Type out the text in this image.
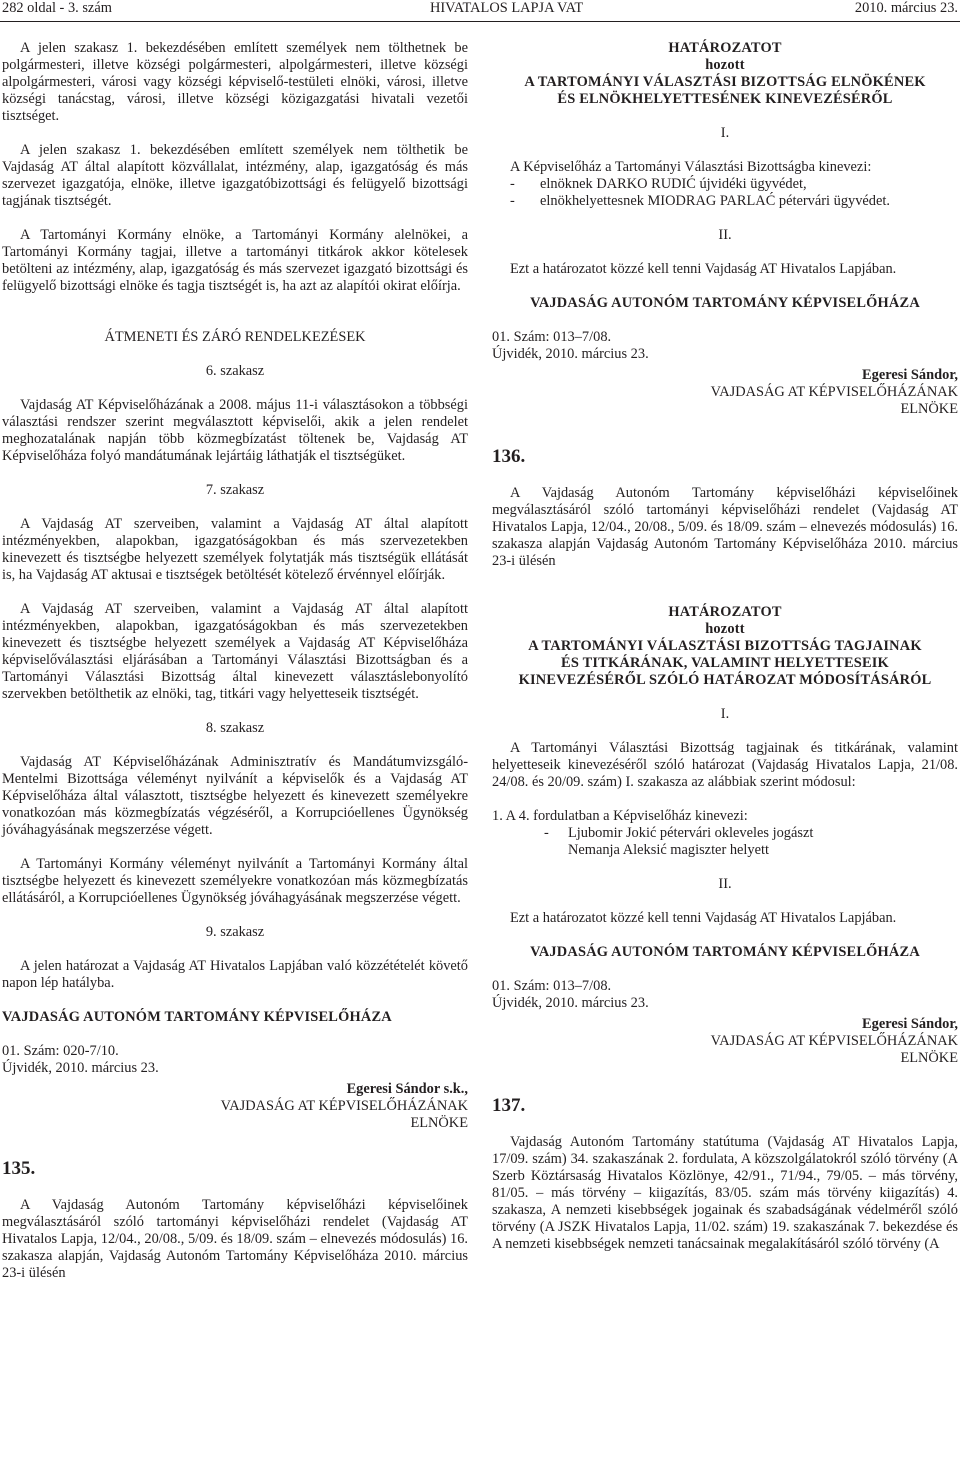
282 oldal - 3. szám	HIVATALOS LAPJA VAT	2010. március 23.

A jelen szakasz 1. bekezdésében említett személyek nem tölthetnek be polgármesteri, illetve községi polgármesteri, alpolgármesteri, illetve községi alpolgármesteri, városi vagy községi képviselő-testületi elnöki, városi, illetve községi tanácstag, városi, illetve községi közigazgatási hivatali vezetői tisztséget.

A jelen szakasz 1. bekezdésében említett személyek nem tölthetik be Vajdaság AT által alapított közvállalat, intézmény, alap, igazgatóság és más szervezet igazgatója, elnöke, illetve igazgatóbizottsági és felügyelő bizottsági tagjának tisztségét.

A Tartományi Kormány elnöke, a Tartományi Kormány alelnökei, a Tartományi Kormány tagjai, illetve a tartományi titkárok akkor kötelesek betölteni az intézmény, alap, igazgatóság és más szervezet igazgató bizottsági és felügyelő bizottsági elnöke és tagja tisztségét is, ha azt az alapítói okirat előírja.

ÁTMENETI ÉS ZÁRÓ RENDELKEZÉSEK

6. szakasz

Vajdaság AT Képviselőházának a 2008. május 11-i választásokon a többségi választási rendszer szerint megválasztott képviselői, akik a jelen rendelet meghozatalának napján több közmegbízatást töltenek be, Vajdaság AT Képviselőháza folyó mandátumának lejártáig láthatják el tisztségüket.

7. szakasz

A Vajdaság AT szerveiben, valamint a Vajdaság AT által alapított intézményekben, alapokban, igazgatóságokban és más szervezetekben kinevezett és tisztségbe helyezett személyek folytatják más tisztségük ellátását is, ha Vajdaság AT aktusai e tisztségek betöltését kötelező érvénnyel előírják.

A Vajdaság AT szerveiben, valamint a Vajdaság AT által alapított intézményekben, alapokban, igazgatóságokban és más szervezetekben kinevezett és tisztségbe helyezett személyek a Vajdaság AT Képviselőháza képviselőválasztási eljárásában a Tartományi Választási Bizottságban és a Tartományi Választási Bizottság által kinevezett választáslebonyolító szervekben betölthetik az elnöki, tag, titkári vagy helyetteseik tisztségét.

8. szakasz

Vajdaság AT Képviselőházának Adminisztratív és Mandátumvizsgáló-Mentelmi Bizottsága véleményt nyilvánít a képviselők és a Vajdaság AT Képviselőháza által választott, tisztségbe helyezett és kinevezett személyekre vonatkozóan más közmegbízatás végzéséről, a Korrupcióellenes Ügynökség jóváhagyásának megszerzése végett.

A Tartományi Kormány véleményt nyilvánít a Tartományi Kormány által tisztségbe helyezett és kinevezett személyekre vonatkozóan más közmegbízatás ellátásáról, a Korrupcióellenes Ügynökség jóváhagyásának megszerzése végett.

9. szakasz

A jelen határozat a Vajdaság AT Hivatalos Lapjában való közzétételét követő napon lép hatályba.

VAJDASÁG AUTONÓM TARTOMÁNY KÉPVISELŐHÁZA

01. Szám: 020-7/10.

Újvidék, 2010. március 23.

Egeresi Sándor s.k.,

VAJDASÁG AT KÉPVISELŐHÁZÁNAK

ELNÖKE

135.

A Vajdaság Autonóm Tartomány képviselőházi képviselőinek megválasztásáról szóló tartományi képviselőházi rendelet (Vajdaság AT Hivatalos Lapja, 12/04., 20/08., 5/09. és 18/09. szám – elnevezés módosulás) 16. szakasza alapján, Vajdaság Autonóm Tartomány Képviselőháza 2010. március 23-i ülésén

HATÁROZATOT

hozott

A TARTOMÁNYI VÁLASZTÁSI BIZOTTSÁG ELNÖKÉNEK

ÉS ELNÖKHELYETTESÉNEK KINEVEZÉSÉRŐL

I.

A Képviselőház a Tartományi Választási Bizottságba kinevezi:

-	elnöknek DARKO RUDIĆ újvidéki ügyvédet,
-	elnökhelyettesnek MIODRAG PARLAĆ pétervári ügyvédet.

II.

Ezt a határozatot közzé kell tenni Vajdaság AT Hivatalos Lapjában.

VAJDASÁG AUTONÓM TARTOMÁNY KÉPVISELŐHÁZA

01. Szám: 013–7/08.

Újvidék, 2010. március 23.

Egeresi Sándor,

VAJDASÁG AT KÉPVISELŐHÁZÁNAK

ELNÖKE

136.

A Vajdaság Autonóm Tartomány képviselőházi képviselőinek megválasztásáról szóló tartományi képviselőházi rendelet (Vajdaság AT Hivatalos Lapja, 12/04., 20/08., 5/09. és 18/09. szám – elnevezés módosulás) 16. szakasza alapján Vajdaság Autonóm Tartomány Képviselőháza 2010. március 23-i ülésén

HATÁROZATOT

hozott

A TARTOMÁNYI VÁLASZTÁSI BIZOTTSÁG TAGJAINAK

ÉS TITKÁRÁNAK, VALAMINT HELYETTESEIK

KINEVEZÉSÉRŐL SZÓLÓ HATÁROZAT MÓDOSÍTÁSÁRÓL

I.

A Tartományi Választási Bizottság tagjainak és titkárának, valamint helyetteseik kinevezéséről szóló határozat (Vajdaság Hivatalos Lapja, 21/08. 24/08. és 20/09. szám) I. szakasza az alábbiak szerint módosul:

1. A 4. fordulatban a Képviselőház kinevezi:

-	Ljubomir Jokić pétervári okleveles jogászt

Nemanja Aleksić magiszter helyett

II.

Ezt a határozatot közzé kell tenni Vajdaság AT Hivatalos Lapjában.

VAJDASÁG AUTONÓM TARTOMÁNY KÉPVISELŐHÁZA

01. Szám: 013–7/08.

Újvidék, 2010. március 23.

Egeresi Sándor,

VAJDASÁG AT KÉPVISELŐHÁZÁNAK

ELNÖKE

137.

Vajdaság Autonóm Tartomány statútuma (Vajdaság AT Hivatalos Lapja, 17/09. szám) 34. szakaszának 2. fordulata, A közszolgálatokról szóló törvény (A Szerb Köztársaság Hivatalos Közlönye, 42/91., 71/94., 79/05. – más törvény, 81/05. – más törvény – kiigazítás, 83/05. szám más törvény kiigazítás) 4. szakasza, A nemzeti kisebbségek jogainak és szabadságának védelméről szóló törvény (A JSZK Hivatalos Lapja, 11/02. szám) 19. szakaszának 7. bekezdése és A nemzeti kisebbségek nemzeti tanácsainak megalakításáról szóló törvény (A
